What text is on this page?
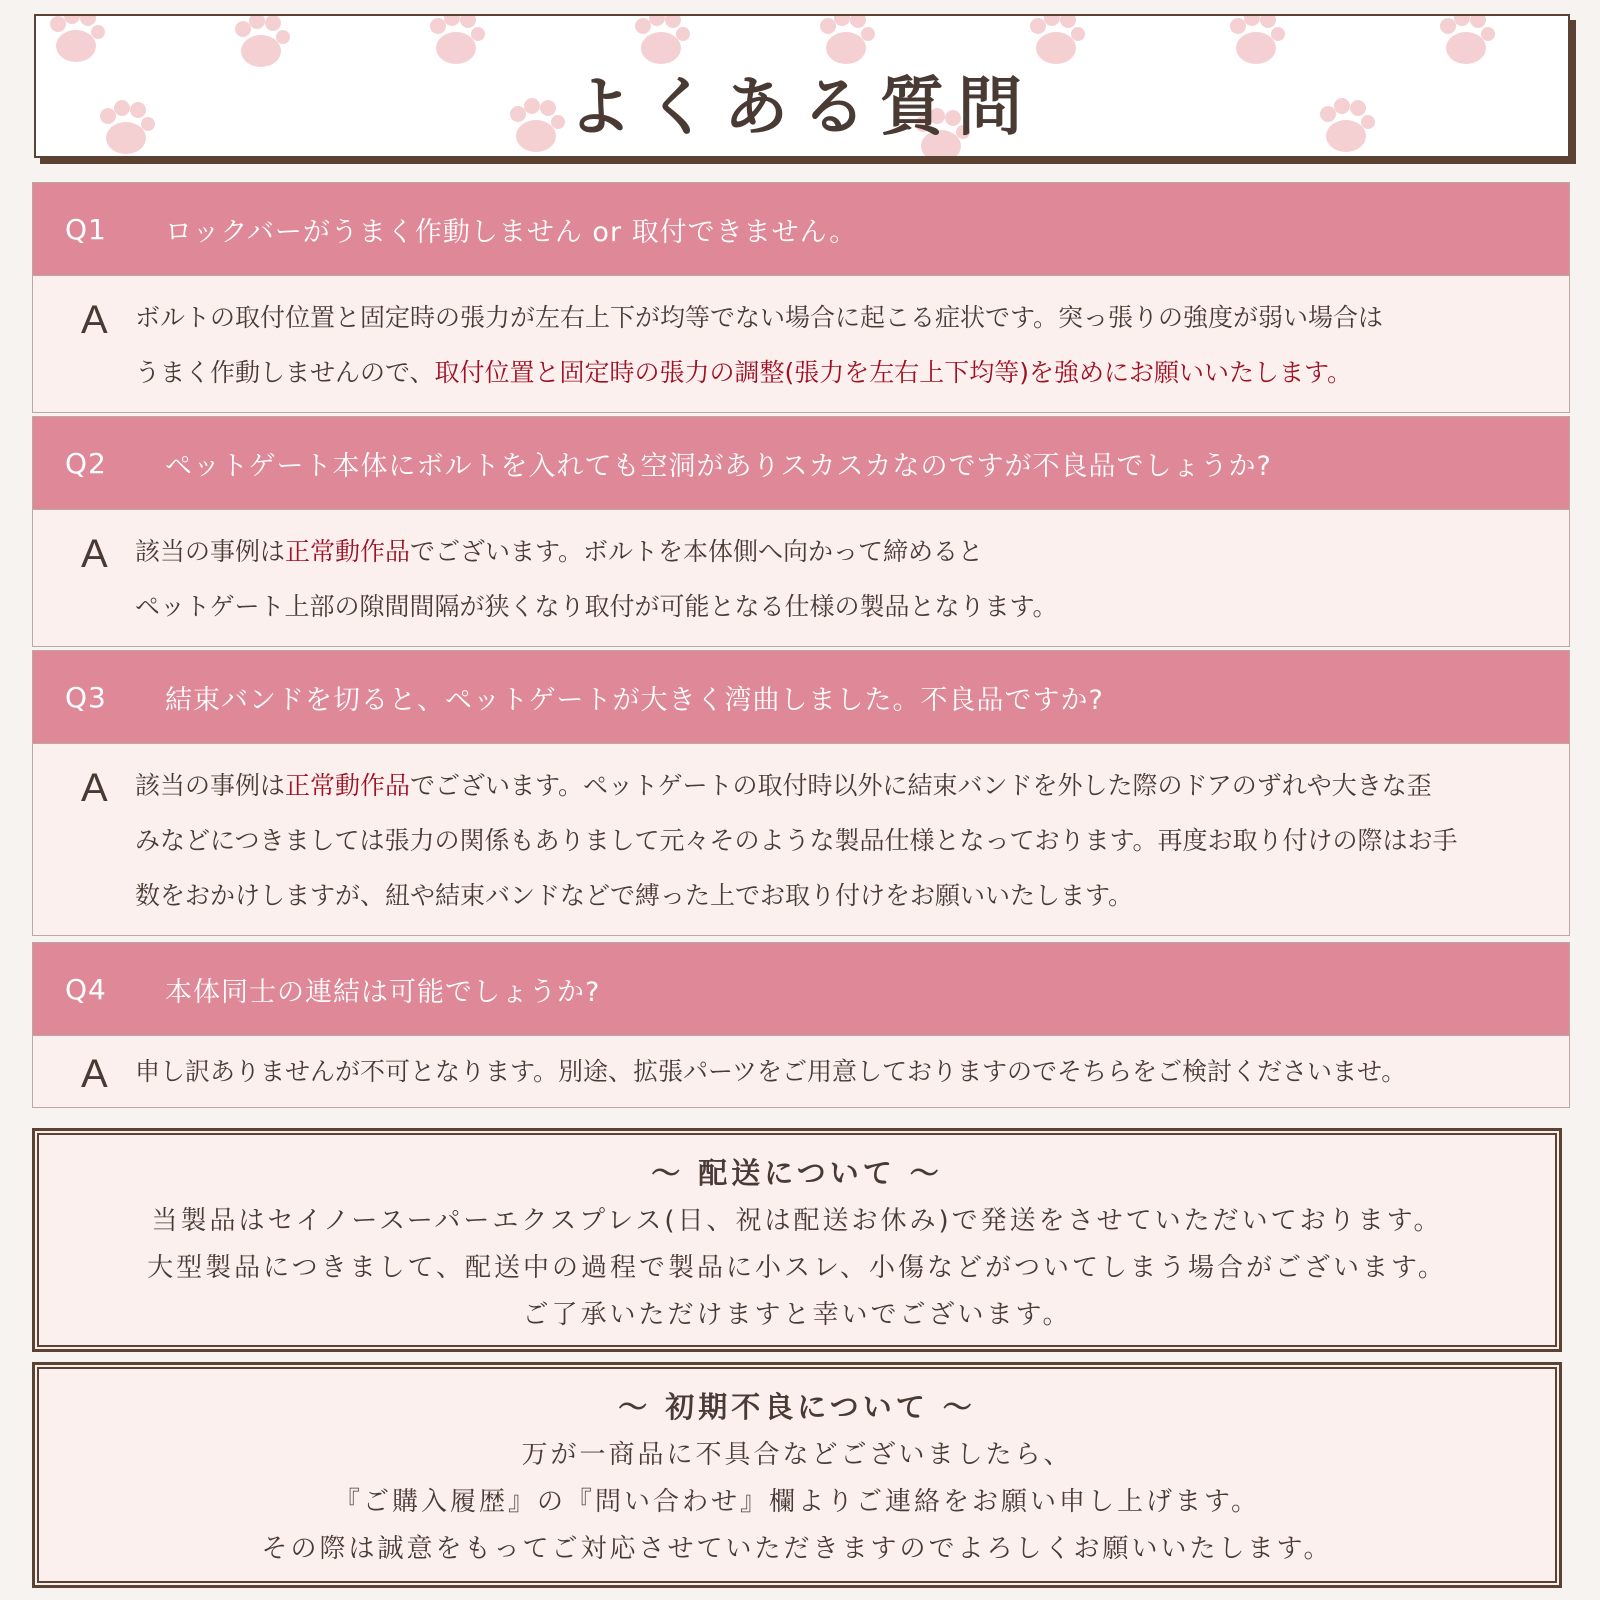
よくある質問
Q1	ロックバーがうまく作動しません or 取付できません。
A ボルトの取付位置と固定時の張力が左右上下が均等でない場合に起こる症状です。突っ張りの強度が弱い場合は
うまく作動しませんので、取付位置と固定時の張力の調整(張力を左右上下均等)を強めにお願いいたします。
Q2	ペットゲート本体にボルトを入れても空洞がありスカスカなのですが不良品でしょうか?
A 該当の事例は正常動作品でございます。ボルトを本体側へ向かって締めると
ペットゲート上部の隙間間隔が狭くなり取付が可能となる仕様の製品となります。
Q3	結束バンドを切ると、ペットゲートが大きく湾曲しました。不良品ですか?
A 該当の事例は正常動作品でございます。ペットゲートの取付時以外に結束バンドを外した際のドアのずれや大きな歪
みなどにつきましては張力の関係もありまして元々そのような製品仕様となっております。再度お取り付けの際はお手
数をおかけしますが、紐や結束バンドなどで縛った上でお取り付けをお願いいたします。
Q4	本体同士の連結は可能でしょうか?
A 申し訳ありませんが不可となります。別途、拡張パーツをご用意しておりますのでそちらをご検討くださいませ。
〜 配送について 〜
当製品はセイノースーパーエクスプレス(日、祝は配送お休み)で発送をさせていただいております。
大型製品につきまして、配送中の過程で製品に小スレ、小傷などがついてしまう場合がございます。
ご了承いただけますと幸いでございます。
〜 初期不良について 〜
万が一商品に不具合などございましたら、
『ご購入履歴』の『問い合わせ』欄よりご連絡をお願い申し上げます。
その際は誠意をもってご対応させていただきますのでよろしくお願いいたします。
